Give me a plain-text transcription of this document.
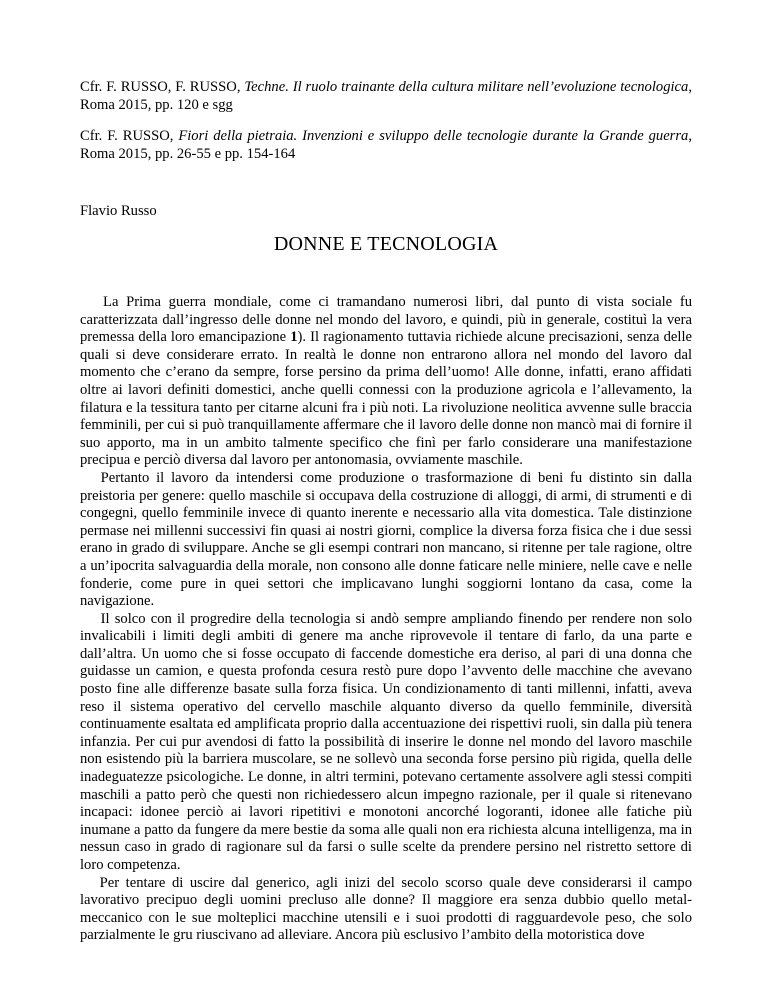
Cfr. F. RUSSO, F. RUSSO, Techne. Il ruolo trainante della cultura militare nell’evoluzione tecnologica, Roma 2015, pp. 120 e sgg

Cfr. F. RUSSO, Fiori della pietraia. Invenzioni e sviluppo delle tecnologie durante la Grande guerra, Roma 2015, pp. 26-55 e pp. 154-164

Flavio Russo
DONNE E TECNOLOGIA

La Prima guerra mondiale, come ci tramandano numerosi libri, dal punto di vista sociale fu caratterizzata dall’ingresso delle donne nel mondo del lavoro, e quindi, più in generale, costituì la vera premessa della loro emancipazione 1). Il ragionamento tuttavia richiede alcune precisazioni, senza delle quali si deve considerare errato. In realtà le donne non entrarono allora nel mondo del lavoro dal momento che c’erano da sempre, forse persino da prima dell’uomo! Alle donne, infatti, erano affidati oltre ai lavori definiti domestici, anche quelli connessi con la produzione agricola e l’allevamento, la filatura e la tessitura tanto per citarne alcuni fra i più noti. La rivoluzione neolitica avvenne sulle braccia femminili, per cui si può tranquillamente affermare che il lavoro delle donne non mancò mai di fornire il suo apporto, ma in un ambito talmente specifico che finì per farlo considerare una manifestazione precipua e perciò diversa dal lavoro per antonomasia, ovviamente maschile.

Pertanto il lavoro da intendersi come produzione o trasformazione di beni fu distinto sin dalla preistoria per genere: quello maschile si occupava della costruzione di alloggi, di armi, di strumenti e di congegni, quello femminile invece di quanto inerente e necessario alla vita domestica. Tale distinzione permase nei millenni successivi fin quasi ai nostri giorni, complice la diversa forza fisica che i due sessi erano in grado di sviluppare. Anche se gli esempi contrari non mancano, si ritenne per tale ragione, oltre a un’ipocrita salvaguardia della morale, non consono alle donne faticare nelle miniere, nelle cave e nelle fonderie, come pure in quei settori che implicavano lunghi soggiorni lontano da casa, come la navigazione.

Il solco con il progredire della tecnologia si andò sempre ampliando finendo per rendere non solo invalicabili i limiti degli ambiti di genere ma anche riprovevole il tentare di farlo, da una parte e dall’altra. Un uomo che si fosse occupato di faccende domestiche era deriso, al pari di una donna che guidasse un camion, e questa profonda cesura restò pure dopo l’avvento delle macchine che avevano posto fine alle differenze basate sulla forza fisica. Un condizionamento di tanti millenni, infatti, aveva reso il sistema operativo del cervello maschile alquanto diverso da quello femminile, diversità continuamente esaltata ed amplificata proprio dalla accentuazione dei rispettivi ruoli, sin dalla più tenera infanzia. Per cui pur avendosi di fatto la possibilità di inserire le donne nel mondo del lavoro maschile non esistendo più la barriera muscolare, se ne sollevò una seconda forse persino più rigida, quella delle inadeguatezze psicologiche. Le donne, in altri termini, potevano certamente assolvere agli stessi compiti maschili a patto però che questi non richiedessero alcun impegno razionale, per il quale si ritenevano incapaci: idonee perciò ai lavori ripetitivi e monotoni ancorché logoranti, idonee alle fatiche più inumane a patto da fungere da mere bestie da soma alle quali non era richiesta alcuna intelligenza, ma in nessun caso in grado di ragionare sul da farsi o sulle scelte da prendere persino nel ristretto settore di loro competenza.

Per tentare di uscire dal generico, agli inizi del secolo scorso quale deve considerarsi il campo lavorativo precipuo degli uomini precluso alle donne? Il maggiore era senza dubbio quello metal-meccanico con le sue molteplici macchine utensili e i suoi prodotti di ragguardevole peso, che solo parzialmente le gru riuscivano ad alleviare. Ancora più esclusivo l’ambito della motoristica dove
